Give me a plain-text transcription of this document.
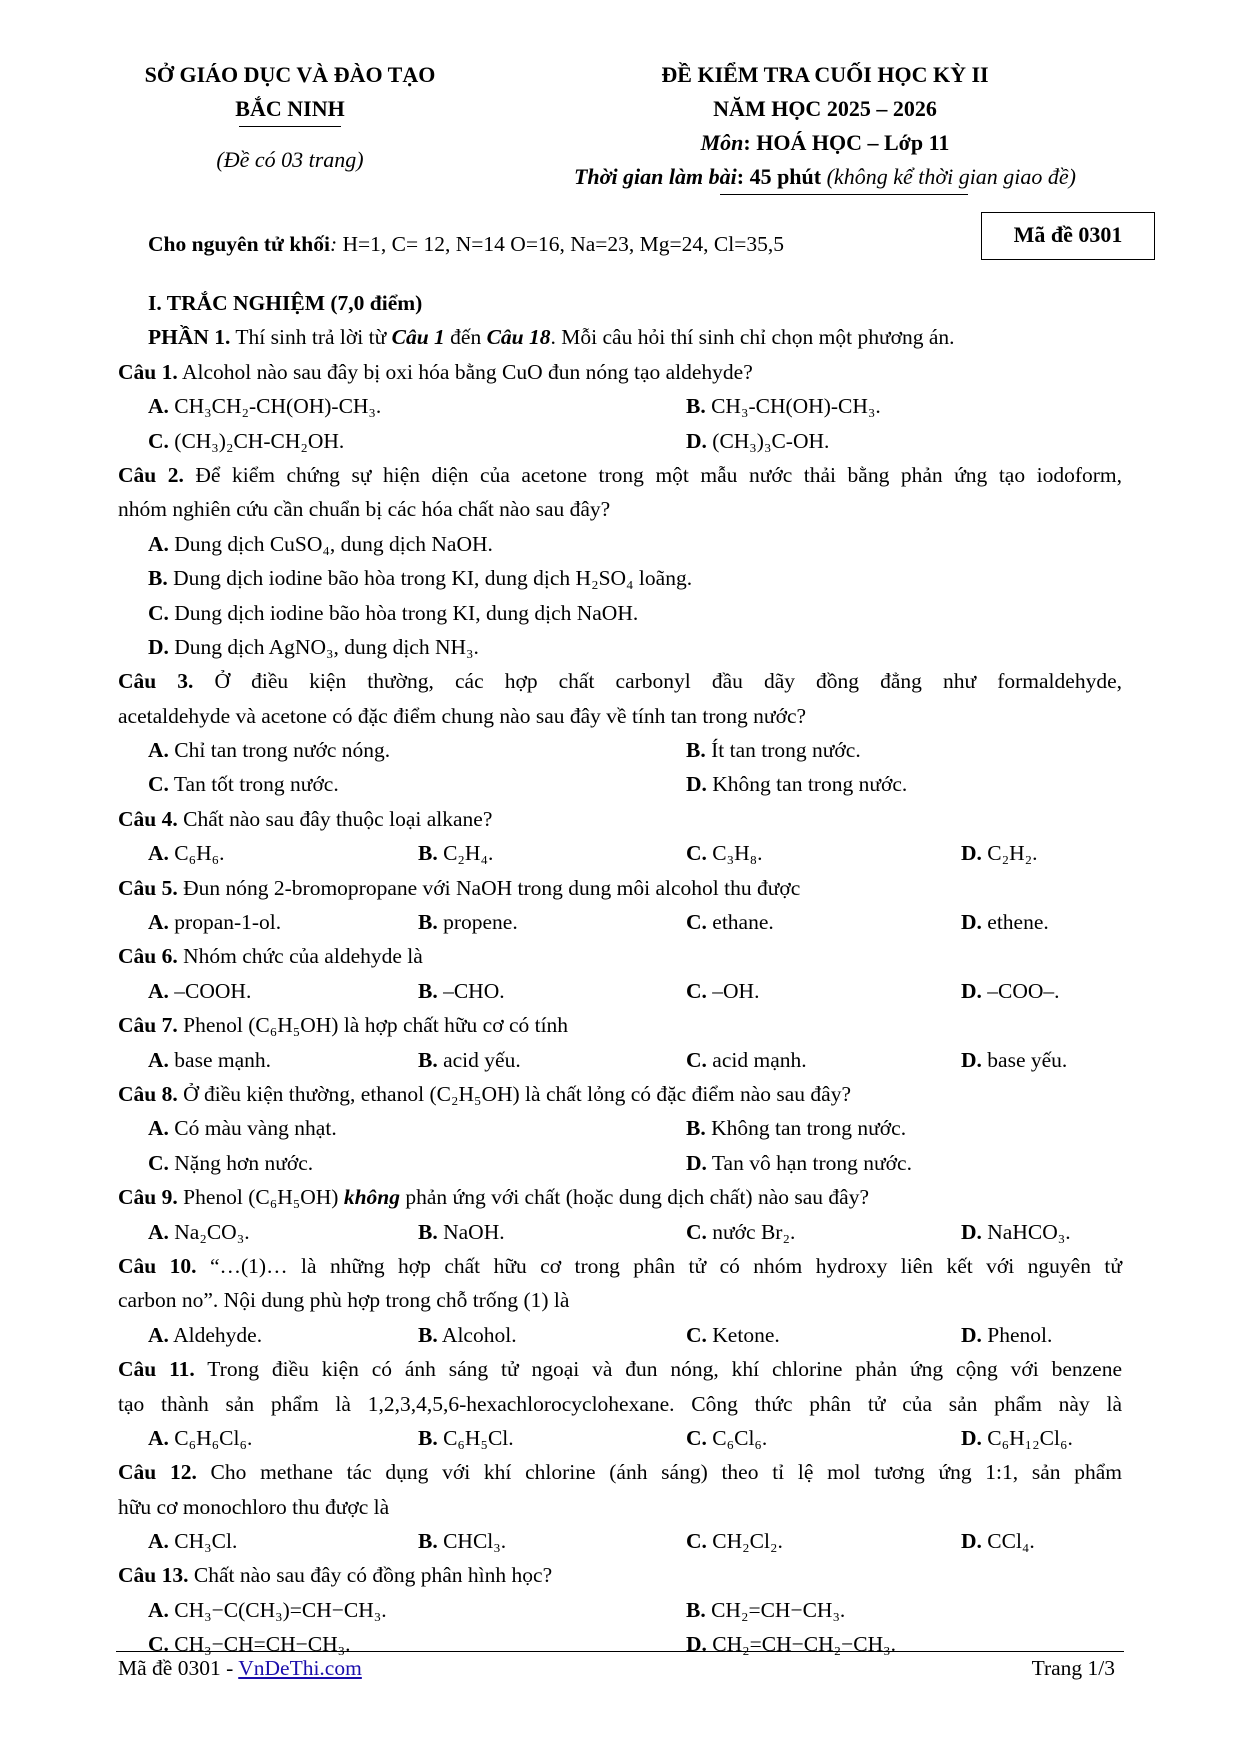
SỞ GIÁO DỤC VÀ ĐÀO TẠO
BẮC NINH
(Đề có 03 trang)
ĐỀ KIỂM TRA CUỐI HỌC KỲ II
NĂM HỌC 2025 – 2026
Môn: HOÁ HỌC – Lớp 11
Thời gian làm bài: 45 phút (không kể thời gian giao đề)
Cho nguyên tử khối: H=1, C= 12, N=14 O=16, Na=23, Mg=24, Cl=35,5	Mã đề 0301
I. TRẮC NGHIỆM (7,0 điểm)
PHẦN 1. Thí sinh trả lời từ Câu 1 đến Câu 18. Mỗi câu hỏi thí sinh chỉ chọn một phương án.
Câu 1. Alcohol nào sau đây bị oxi hóa bằng CuO đun nóng tạo aldehyde?
A. CH₃CH₂-CH(OH)-CH₃.	B. CH₃-CH(OH)-CH₃.
C. (CH₃)₂CH-CH₂OH.	D. (CH₃)₃C-OH.
Câu 2. Để kiểm chứng sự hiện diện của acetone trong một mẫu nước thải bằng phản ứng tạo iodoform,
nhóm nghiên cứu cần chuẩn bị các hóa chất nào sau đây?
A. Dung dịch CuSO₄, dung dịch NaOH.
B. Dung dịch iodine bão hòa trong KI, dung dịch H₂SO₄ loãng.
C. Dung dịch iodine bão hòa trong KI, dung dịch NaOH.
D. Dung dịch AgNO₃, dung dịch NH₃.
Câu 3. Ở điều kiện thường, các hợp chất carbonyl đầu dãy đồng đẳng như formaldehyde,
acetaldehyde và acetone có đặc điểm chung nào sau đây về tính tan trong nước?
A. Chỉ tan trong nước nóng.	B. Ít tan trong nước.
C. Tan tốt trong nước.	D. Không tan trong nước.
Câu 4. Chất nào sau đây thuộc loại alkane?
A. C₆H₆.	B. C₂H₄.	C. C₃H₈.	D. C₂H₂.
Câu 5. Đun nóng 2-bromopropane với NaOH trong dung môi alcohol thu được
A. propan-1-ol.	B. propene.	C. ethane.	D. ethene.
Câu 6. Nhóm chức của aldehyde là
A. –COOH.	B. –CHO.	C. –OH.	D. –COO–.
Câu 7. Phenol (C₆H₅OH) là hợp chất hữu cơ có tính
A. base mạnh.	B. acid yếu.	C. acid mạnh.	D. base yếu.
Câu 8. Ở điều kiện thường, ethanol (C₂H₅OH) là chất lỏng có đặc điểm nào sau đây?
A. Có màu vàng nhạt.	B. Không tan trong nước.
C. Nặng hơn nước.	D. Tan vô hạn trong nước.
Câu 9. Phenol (C₆H₅OH) không phản ứng với chất (hoặc dung dịch chất) nào sau đây?
A. Na₂CO₃.	B. NaOH.	C. nước Br₂.	D. NaHCO₃.
Câu 10. “…(1)… là những hợp chất hữu cơ trong phân tử có nhóm hydroxy liên kết với nguyên tử
carbon no”. Nội dung phù hợp trong chỗ trống (1) là
A. Aldehyde.	B. Alcohol.	C. Ketone.	D. Phenol.
Câu 11. Trong điều kiện có ánh sáng tử ngoại và đun nóng, khí chlorine phản ứng cộng với benzene
tạo thành sản phẩm là 1,2,3,4,5,6-hexachlorocyclohexane. Công thức phân tử của sản phẩm này là
A. C₆H₆Cl₆.	B. C₆H₅Cl.	C. C₆Cl₆.	D. C₆H₁₂Cl₆.
Câu 12. Cho methane tác dụng với khí chlorine (ánh sáng) theo tỉ lệ mol tương ứng 1:1, sản phẩm
hữu cơ monochloro thu được là
A. CH₃Cl.	B. CHCl₃.	C. CH₂Cl₂.	D. CCl₄.
Câu 13. Chất nào sau đây có đồng phân hình học?
A. CH₃−C(CH₃)=CH−CH₃.	B. CH₂=CH−CH₃.
C. CH₃−CH=CH−CH₃.	D. CH₂=CH−CH₂−CH₃.
Mã đề 0301 - VnDeThi.com	Trang 1/3
